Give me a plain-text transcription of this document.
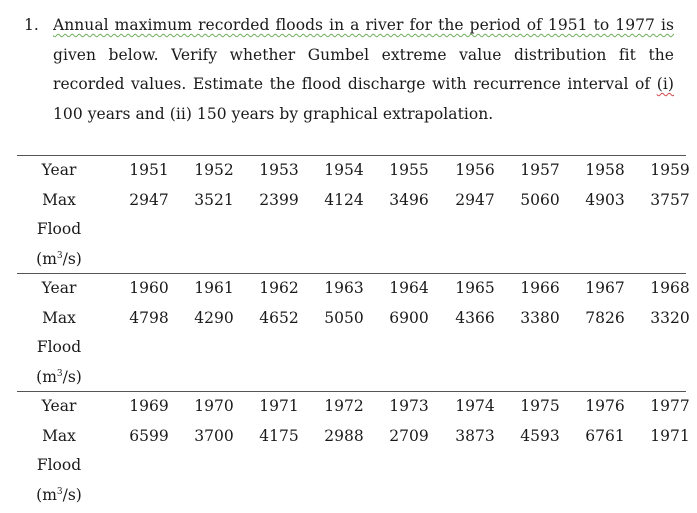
1. Annual maximum recorded floods in a river for the period of 1951 to 1977 is given below. Verify whether Gumbel extreme value distribution fit the recorded values. Estimate the flood discharge with recurrence interval of (i) 100 years and (ii) 150 years by graphical extrapolation.
Year	1951	1952	1953	1954	1955	1956	1957	1958	1959
Max	2947	3521	2399	4124	3496	2947	5060	4903	3757
Flood
$(m^3/s)$
Year	1960	1961	1962	1963	1964	1965	1966	1967	1968
Max	4798	4290	4652	5050	6900	4366	3380	7826	3320
Flood
$(m^3/s)$
Year	1969	1970	1971	1972	1973	1974	1975	1976	1977
Max	6599	3700	4175	2988	2709	3873	4593	6761	1971
Flood
$(m^3/s)$
